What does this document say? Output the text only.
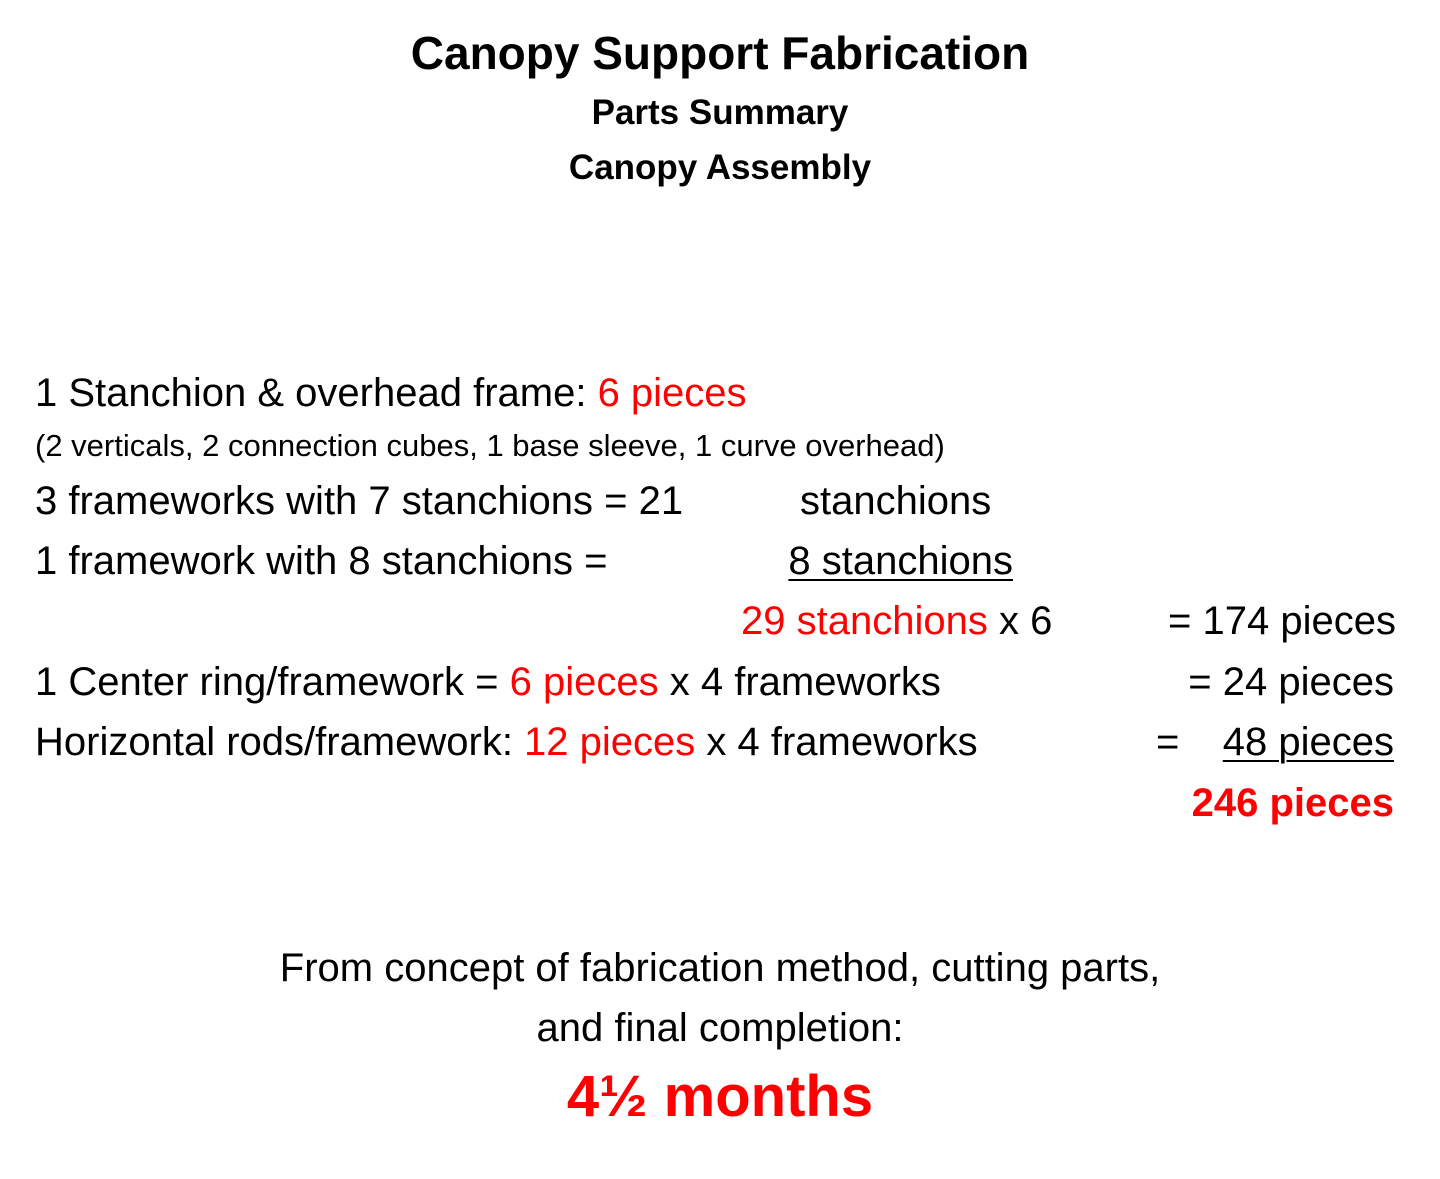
Canopy Support Fabrication
Parts Summary
Canopy Assembly
1 Stanchion & overhead frame: 6 pieces
(2 verticals, 2 connection cubes, 1 base sleeve, 1 curve overhead)
3 frameworks with 7 stanchions = 21	stanchions
1 framework with 8 stanchions =	8 stanchions
29 stanchions x 6	= 174 pieces
1 Center ring/framework = 6 pieces x 4 frameworks	= 24 pieces
Horizontal rods/framework: 12 pieces x 4 frameworks	= 48 pieces
246 pieces
From concept of fabrication method, cutting parts,
and final completion:
4½ months
